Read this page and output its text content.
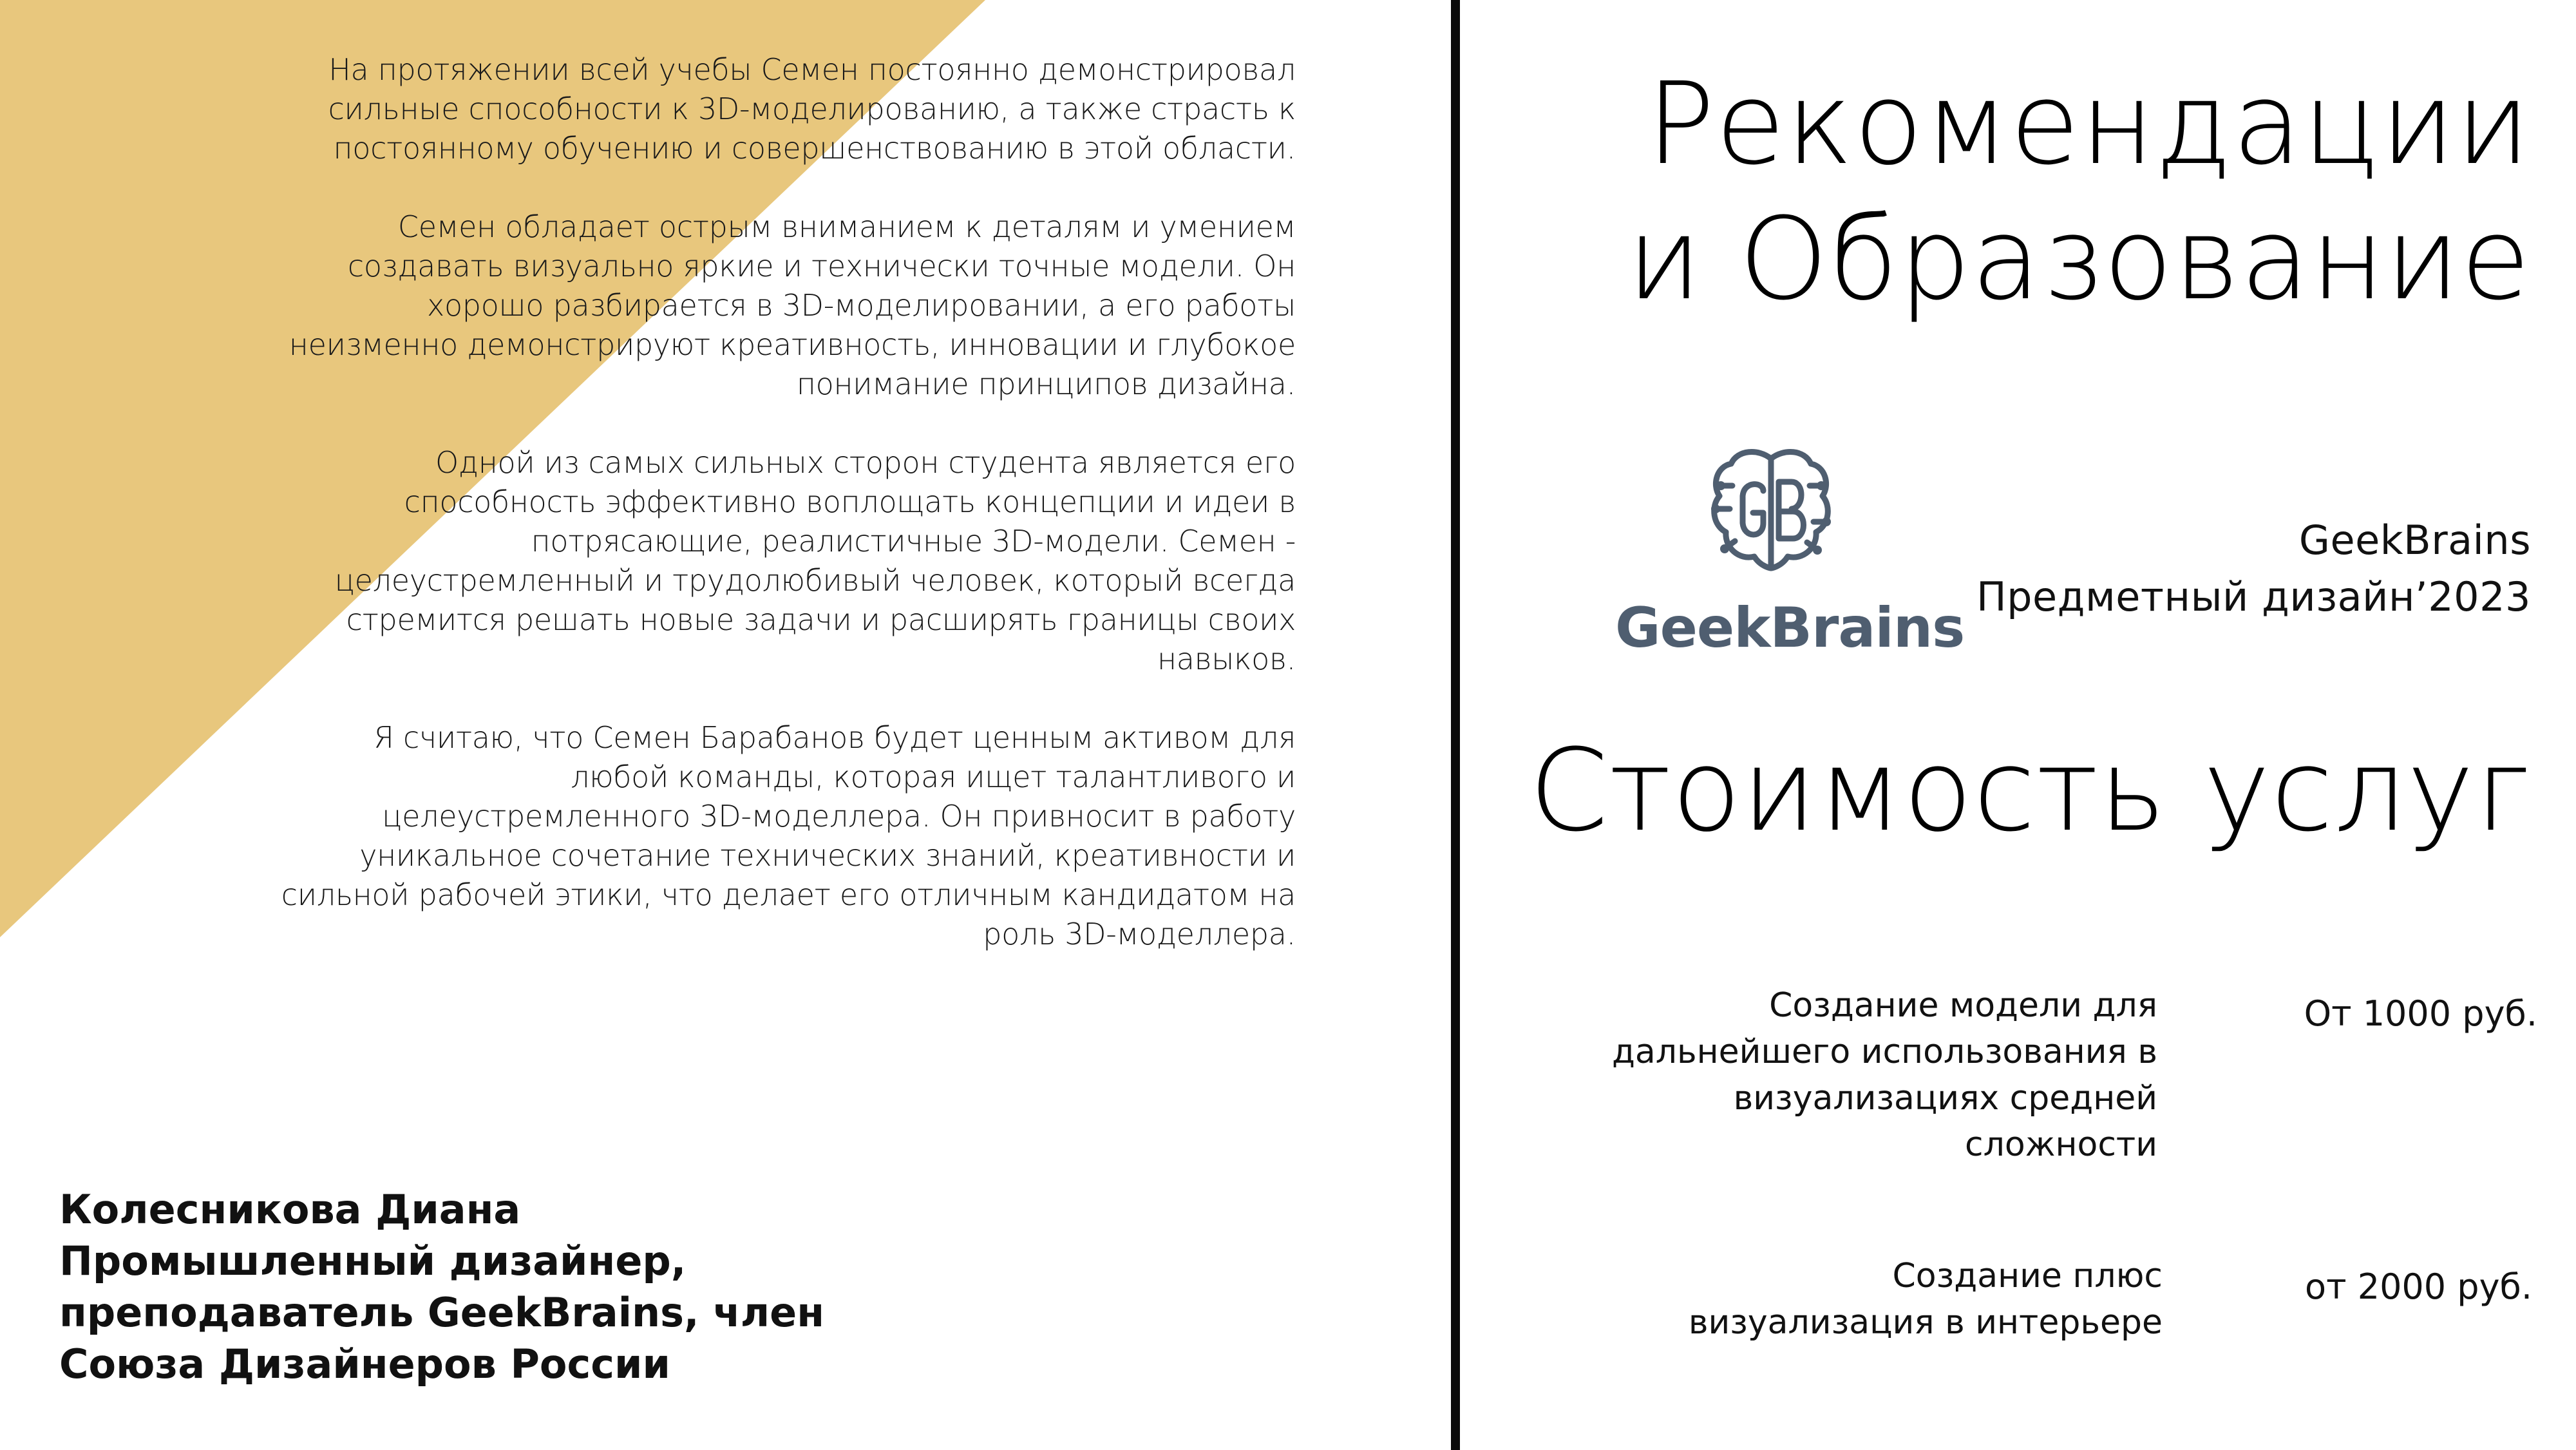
На протяжении всей учебы Семен постоянно демонстрировал
сильные способности к 3D-моделированию, а также страсть к
постоянному обучению и совершенствованию в этой области.

Семен обладает острым вниманием к деталям и умением
создавать визуально яркие и технически точные модели. Он
хорошо разбирается в 3D-моделировании, а его работы
неизменно демонстрируют креативность, инновации и глубокое
понимание принципов дизайна.

Одной из самых сильных сторон студента является его
способность эффективно воплощать концепции и идеи в
потрясающие, реалистичные 3D-модели. Семен -
целеустремленный и трудолюбивый человек, который всегда
стремится решать новые задачи и расширять границы своих
навыков.

Я считаю, что Семен Барабанов будет ценным активом для
любой команды, которая ищет талантливого и
целеустремленного 3D-моделлера. Он привносит в работу
уникальное сочетание технических знаний, креативности и
сильной рабочей этики, что делает его отличным кандидатом на
роль 3D-моделлера.

Колесникова Диана
Промышленный дизайнер,
преподаватель GeekBrains, член
Союза Дизайнеров России
Рекомендации
и Образование
GeekBrains
GeekBrains
Предметный дизайн’2023
Стоимость услуг
Создание модели для
дальнейшего использования в
визуализациях средней
сложности
От 1000 руб.
Создание плюс
визуализация в интерьере
от 2000 руб.
